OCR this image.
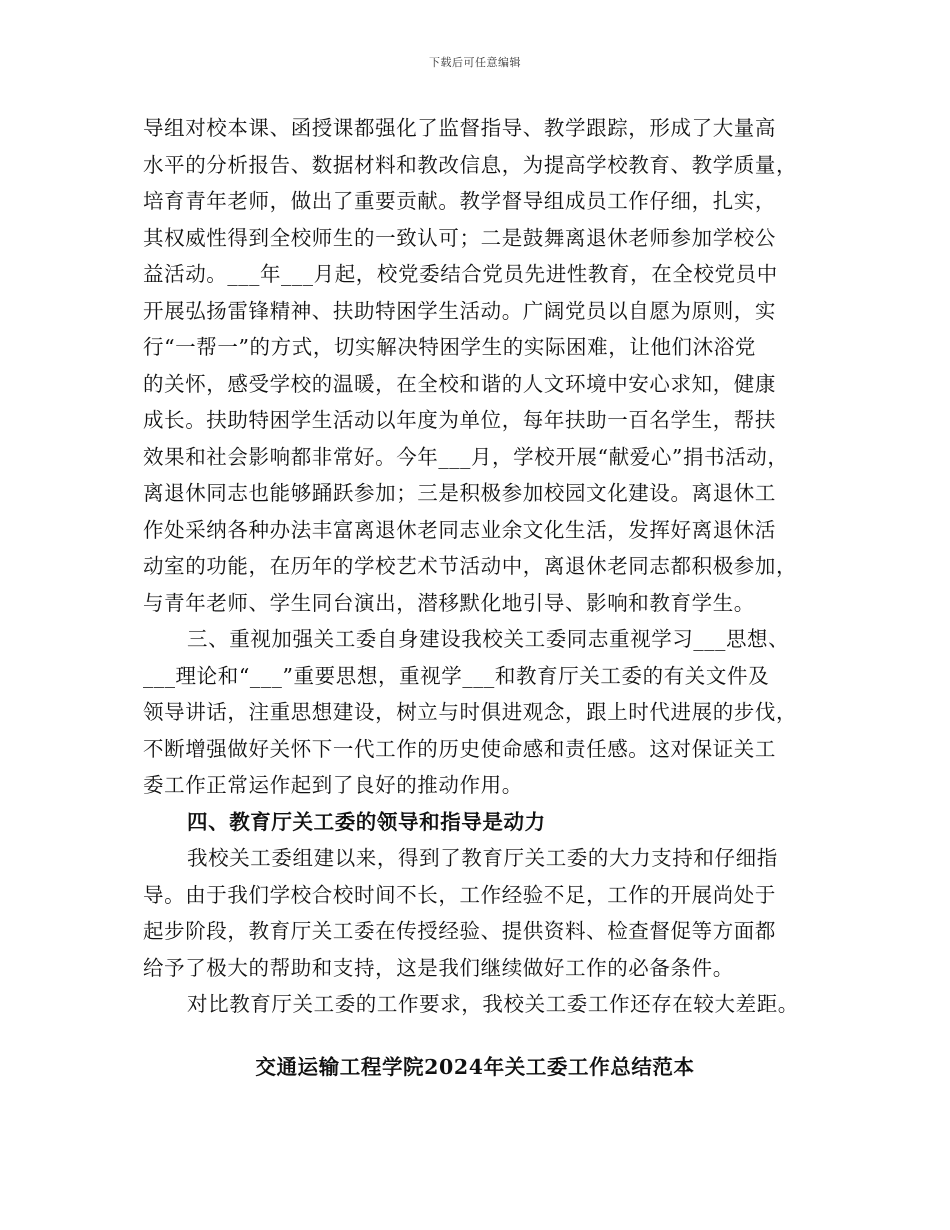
下载后可任意编辑

导组对校本课、函授课都强化了监督指导、教学跟踪，形成了大量高
水平的分析报告、数据材料和教改信息，为提高学校教育、教学质量，
培育青年老师，做出了重要贡献。教学督导组成员工作仔细，扎实，
其权威性得到全校师生的一致认可；二是鼓舞离退休老师参加学校公
益活动。___年___月起，校党委结合党员先进性教育，在全校党员中
开展弘扬雷锋精神、扶助特困学生活动。广阔党员以自愿为原则，实
行“一帮一”的方式，切实解决特困学生的实际困难，让他们沐浴党
的关怀，感受学校的温暖，在全校和谐的人文环境中安心求知，健康
成长。扶助特困学生活动以年度为单位，每年扶助一百名学生，帮扶
效果和社会影响都非常好。今年___月，学校开展“献爱心”捐书活动，
离退休同志也能够踊跃参加；三是积极参加校园文化建设。离退休工
作处采纳各种办法丰富离退休老同志业余文化生活，发挥好离退休活
动室的功能，在历年的学校艺术节活动中，离退休老同志都积极参加，
与青年老师、学生同台演出，潜移默化地引导、影响和教育学生。

三、重视加强关工委自身建设我校关工委同志重视学习___思想、
___理论和“___”重要思想，重视学___和教育厅关工委的有关文件及
领导讲话，注重思想建设，树立与时俱进观念，跟上时代进展的步伐，
不断增强做好关怀下一代工作的历史使命感和责任感。这对保证关工
委工作正常运作起到了良好的推动作用。

四、教育厅关工委的领导和指导是动力

我校关工委组建以来，得到了教育厅关工委的大力支持和仔细指
导。由于我们学校合校时间不长，工作经验不足，工作的开展尚处于
起步阶段，教育厅关工委在传授经验、提供资料、检查督促等方面都
给予了极大的帮助和支持，这是我们继续做好工作的必备条件。

对比教育厅关工委的工作要求，我校关工委工作还存在较大差距。

交通运输工程学院2024年关工委工作总结范本
